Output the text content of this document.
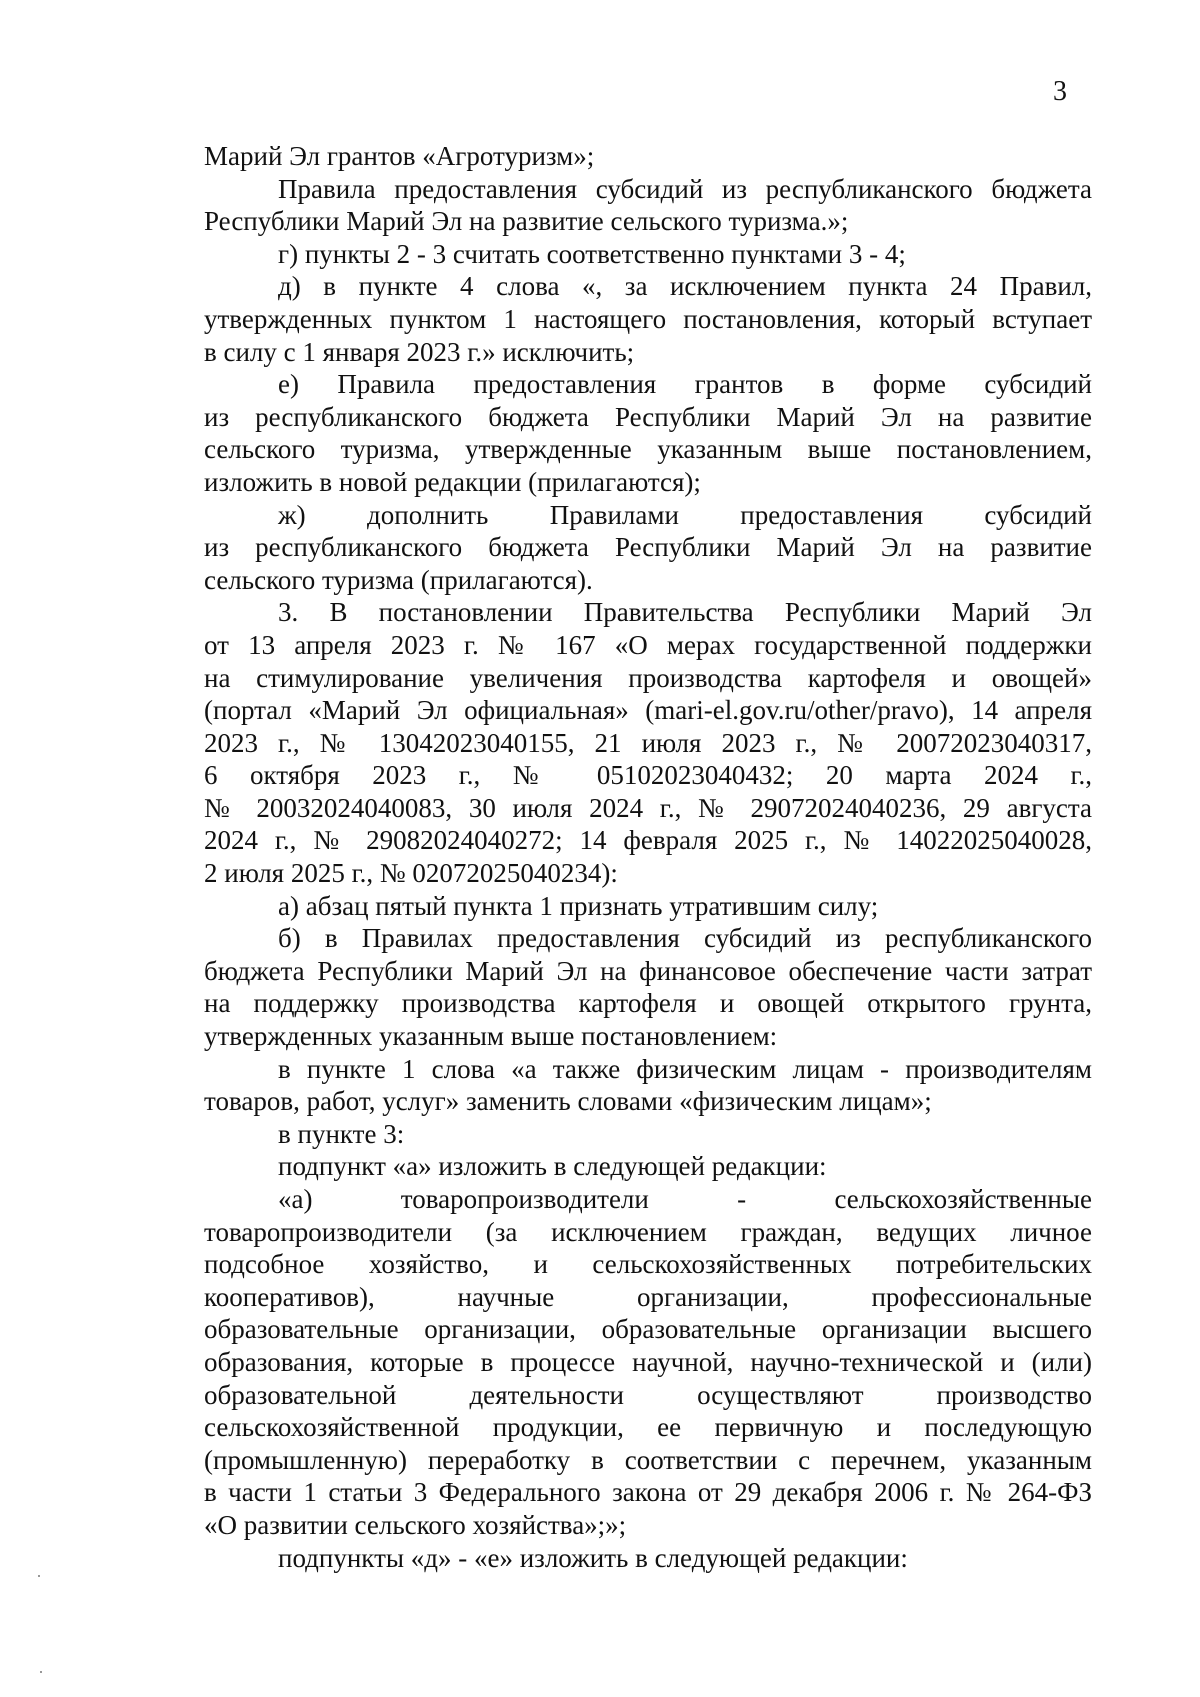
3

Марий Эл грантов «Агротуризм»;

Правила предоставления субсидий из республиканского бюджета

Республики Марий Эл на развитие сельского туризма.»;

г) пункты 2 - 3 считать соответственно пунктами 3 - 4;

д) в пункте 4 слова «, за исключением пункта 24 Правил,

утвержденных пунктом 1 настоящего постановления, который вступает

в силу с 1 января 2023 г.» исключить;

е) Правила предоставления грантов в форме субсидий

из республиканского бюджета Республики Марий Эл на развитие

сельского туризма, утвержденные указанным выше постановлением,

изложить в новой редакции (прилагаются);

ж) дополнить Правилами предоставления субсидий

из республиканского бюджета Республики Марий Эл на развитие

сельского туризма (прилагаются).

3. В постановлении Правительства Республики Марий Эл

от 13 апреля 2023 г. № 167 «О мерах государственной поддержки

на стимулирование увеличения производства картофеля и овощей»

(портал «Марий Эл официальная» (mari-el.gov.ru/other/pravo), 14 апреля

2023 г., № 13042023040155, 21 июля 2023 г., № 20072023040317,

6 октября 2023 г., № 05102023040432; 20 марта 2024 г.,

№ 20032024040083, 30 июля 2024 г., № 29072024040236, 29 августа

2024 г., № 29082024040272; 14 февраля 2025 г., № 14022025040028,

2 июля 2025 г., № 02072025040234):

а) абзац пятый пункта 1 признать утратившим силу;

б) в Правилах предоставления субсидий из республиканского

бюджета Республики Марий Эл на финансовое обеспечение части затрат

на поддержку производства картофеля и овощей открытого грунта,

утвержденных указанным выше постановлением:

в пункте 1 слова «а также физическим лицам - производителям

товаров, работ, услуг» заменить словами «физическим лицам»;

в пункте 3:

подпункт «а» изложить в следующей редакции:

«а) товаропроизводители - сельскохозяйственные

товаропроизводители (за исключением граждан, ведущих личное

подсобное хозяйство, и сельскохозяйственных потребительских

кооперативов), научные организации, профессиональные

образовательные организации, образовательные организации высшего

образования, которые в процессе научной, научно-технической и (или)

образовательной деятельности осуществляют производство

сельскохозяйственной продукции, ее первичную и последующую

(промышленную) переработку в соответствии с перечнем, указанным

в части 1 статьи 3 Федерального закона от 29 декабря 2006 г. № 264-ФЗ

«О развитии сельского хозяйства»;»;

подпункты «д» - «е» изложить в следующей редакции:
